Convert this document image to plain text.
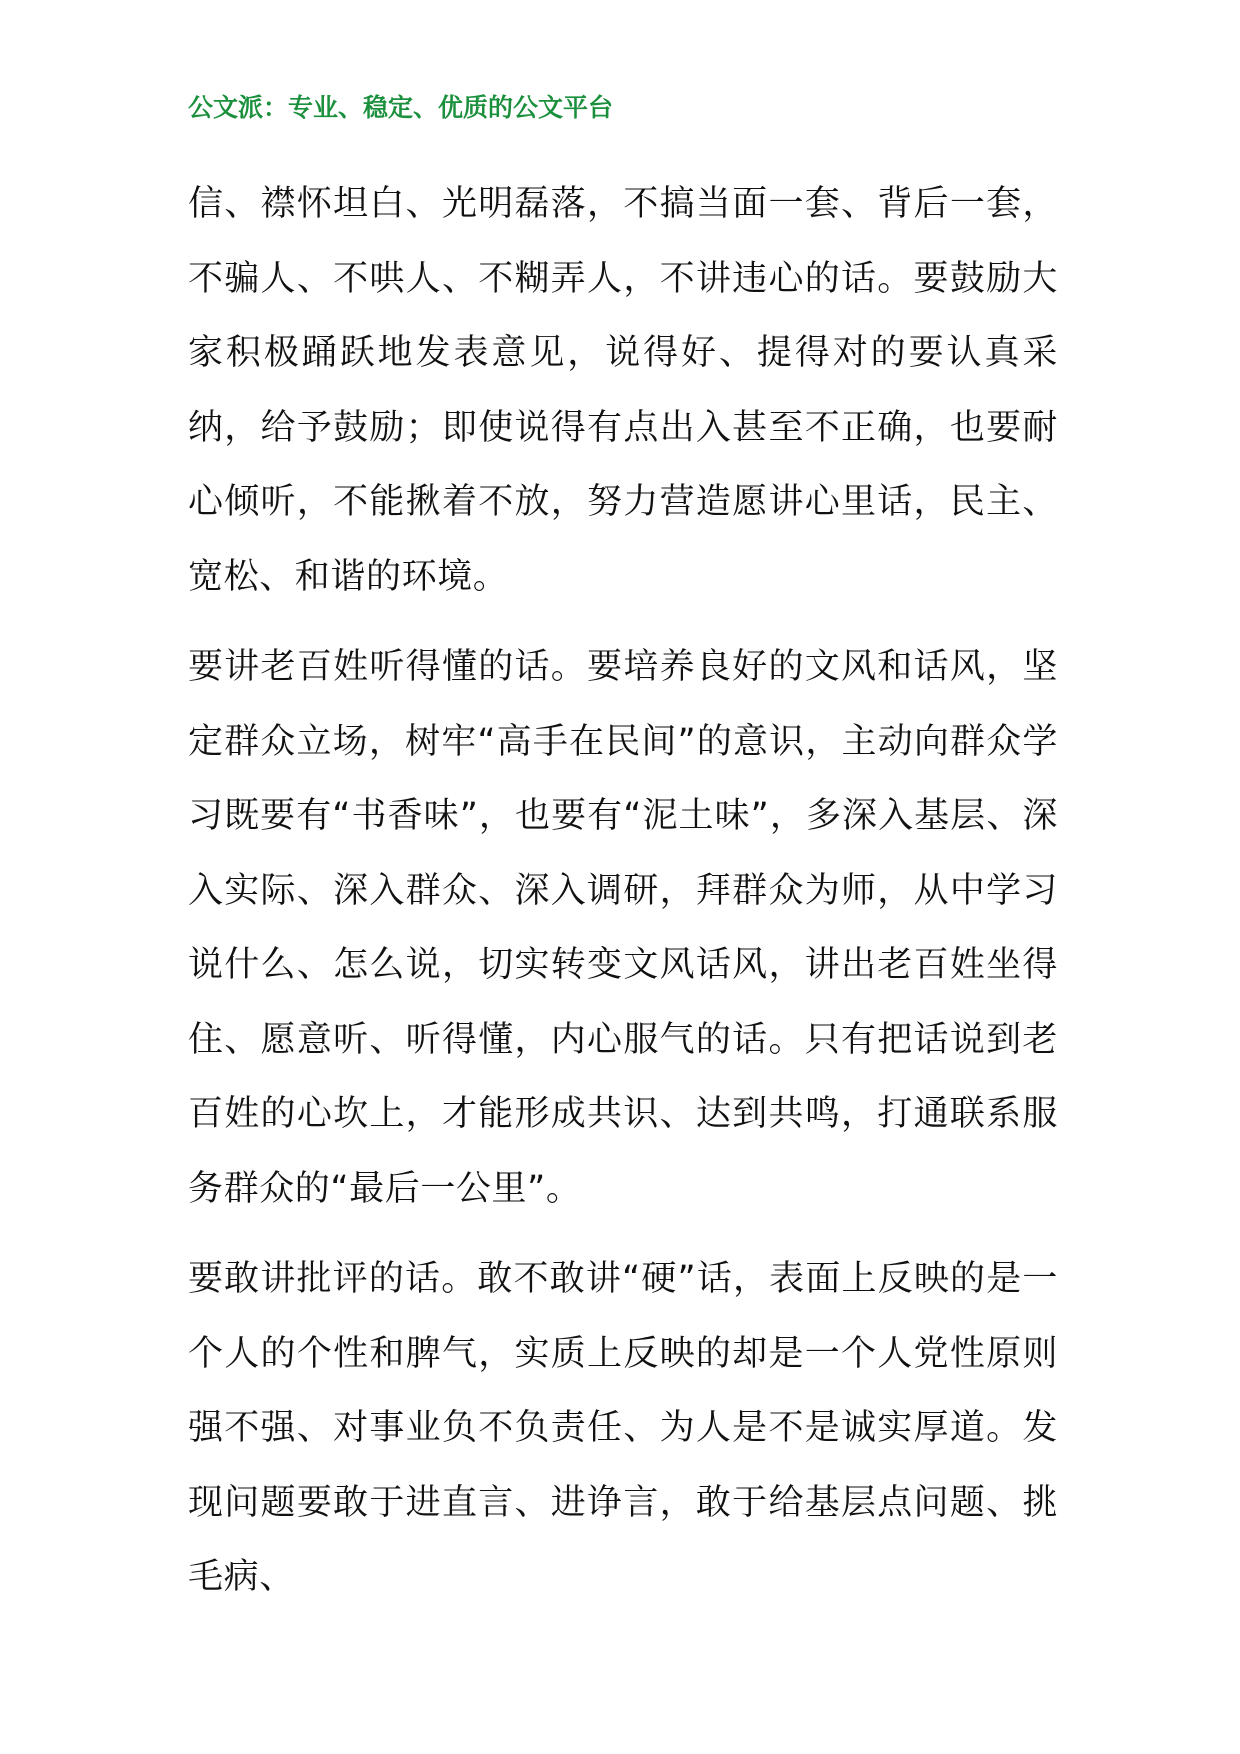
公文派：专业、稳定、优质的公文平台

信、襟怀坦白、光明磊落，不搞当面一套、背后一套，不骗人、不哄人、不糊弄人，不讲违心的话。要鼓励大家积极踊跃地发表意见，说得好、提得对的要认真采纳，给予鼓励；即使说得有点出入甚至不正确，也要耐心倾听，不能揪着不放，努力营造愿讲心里话，民主、宽松、和谐的环境。

要讲老百姓听得懂的话。要培养良好的文风和话风，坚定群众立场，树牢“高手在民间”的意识，主动向群众学习既要有“书香味”，也要有“泥土味”，多深入基层、深入实际、深入群众、深入调研，拜群众为师，从中学习说什么、怎么说，切实转变文风话风，讲出老百姓坐得住、愿意听、听得懂，内心服气的话。只有把话说到老百姓的心坎上，才能形成共识、达到共鸣，打通联系服务群众的“最后一公里”。

要敢讲批评的话。敢不敢讲“硬”话，表面上反映的是一个人的个性和脾气，实质上反映的却是一个人党性原则强不强、对事业负不负责任、为人是不是诚实厚道。发现问题要敢于进直言、进诤言，敢于给基层点问题、挑毛病、
